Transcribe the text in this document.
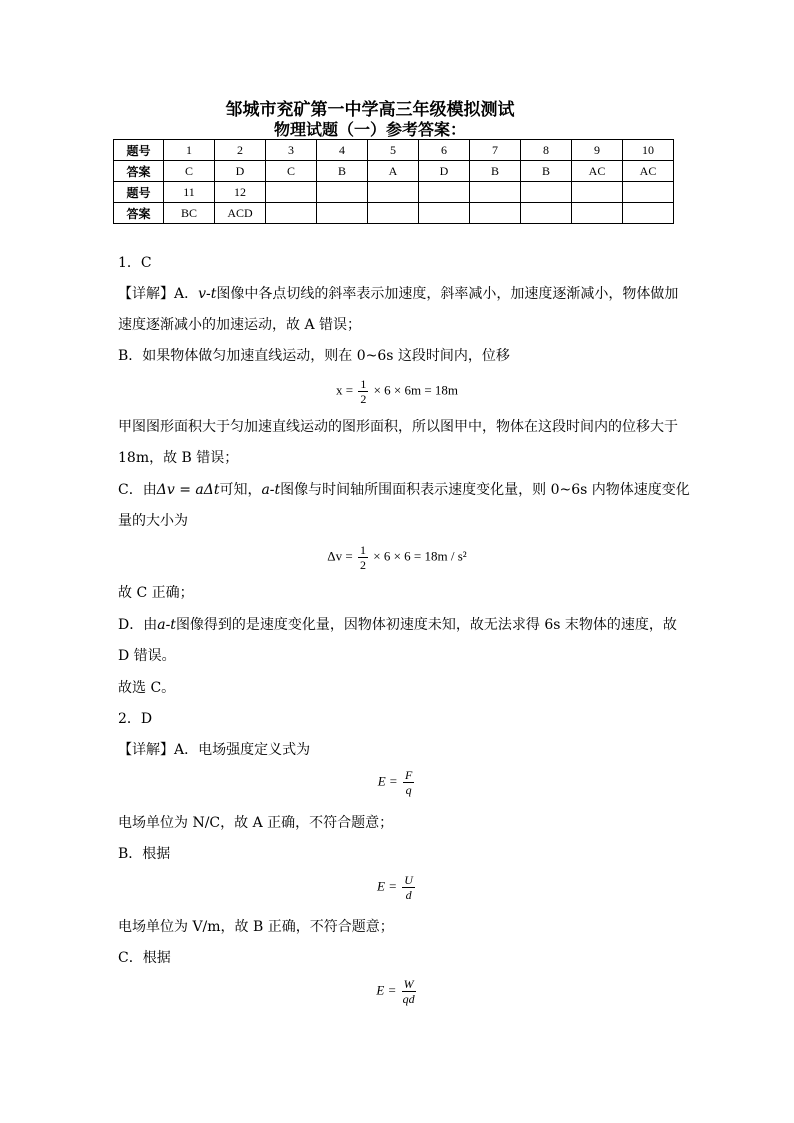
邹城市兖矿第一中学高三年级模拟测试
物理试题（一）参考答案：
题号	1	2	3	4	5	6	7	8	9	10
答案	C	D	C	B	A	D	B	B	AC	AC
题号	11	12								
答案	BC	ACD								
1．C
【详解】A．v-t图像中各点切线的斜率表示加速度，斜率减小，加速度逐渐减小，物体做加
速度逐渐减小的加速运动，故 A 错误；
B．如果物体做匀加速直线运动，则在 0~6s 这段时间内，位移
$x = \frac{1}{2} \times 6 \times 6m = 18m$
甲图图形面积大于匀加速直线运动的图形面积，所以图甲中，物体在这段时间内的位移大于
18m，故 B 错误；
C．由Δv = aΔt可知，a-t图像与时间轴所围面积表示速度变化量，则 0~6s 内物体速度变化
量的大小为
$\Delta v = \frac{1}{2} \times 6 \times 6 = 18m / s^2$
故 C 正确；
D．由a-t图像得到的是速度变化量，因物体初速度未知，故无法求得 6s 末物体的速度，故
D 错误。
故选 C。
2．D
【详解】A．电场强度定义式为
$E = \frac{F}{q}$
电场单位为 N/C，故 A 正确，不符合题意；
B．根据
$E = \frac{U}{d}$
电场单位为 V/m，故 B 正确，不符合题意；
C．根据
$E = \frac{W}{qd}$
